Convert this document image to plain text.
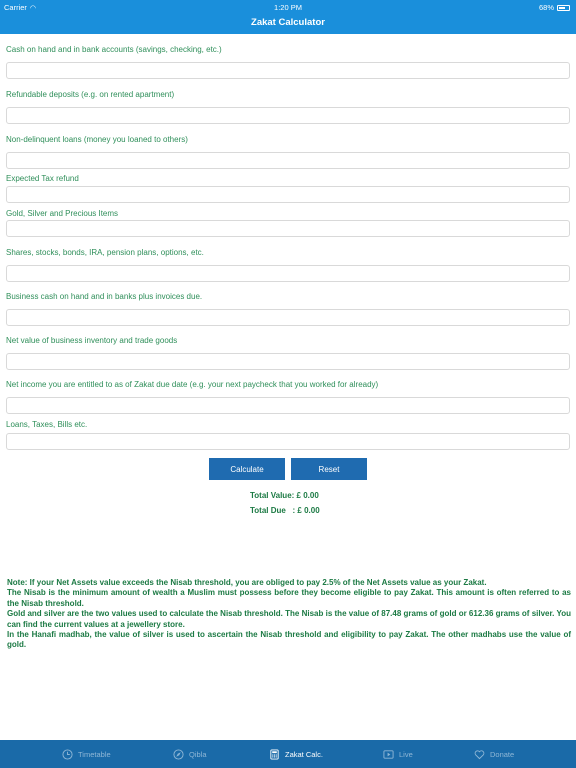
Carrier ◠	1:20 PM	68%
Zakat Calculator
Cash on hand and in bank accounts (savings, checking, etc.)
Refundable deposits (e.g. on rented apartment)
Non-delinquent loans (money you loaned to others)
Expected Tax refund
Gold, Silver and Precious Items
Shares, stocks, bonds, IRA, pension plans, options, etc.
Business cash on hand and in banks plus invoices due.
Net value of business inventory and trade goods
Net income you are entitled to as of Zakat due date (e.g. your next paycheck that you worked for already)
Loans, Taxes, Bills etc.
Calculate	Reset
Total Value: £ 0.00
Total Due   : £ 0.00

Note: If your Net Assets value exceeds the Nisab threshold, you are obliged to pay 2.5% of the Net Assets value as your Zakat.

The Nisab is the minimum amount of wealth a Muslim must possess before they become eligible to pay Zakat. This amount is often referred to as the Nisab threshold.

Gold and silver are the two values used to calculate the Nisab threshold. The Nisab is the value of 87.48 grams of gold or 612.36 grams of silver. You can find the current values at a jewellery store.

In the Hanafi madhab, the value of silver is used to ascertain the Nisab threshold and eligibility to pay Zakat. The other madhabs use the value of gold.

Timetable	Qibla	Zakat Calc.	Live	Donate
